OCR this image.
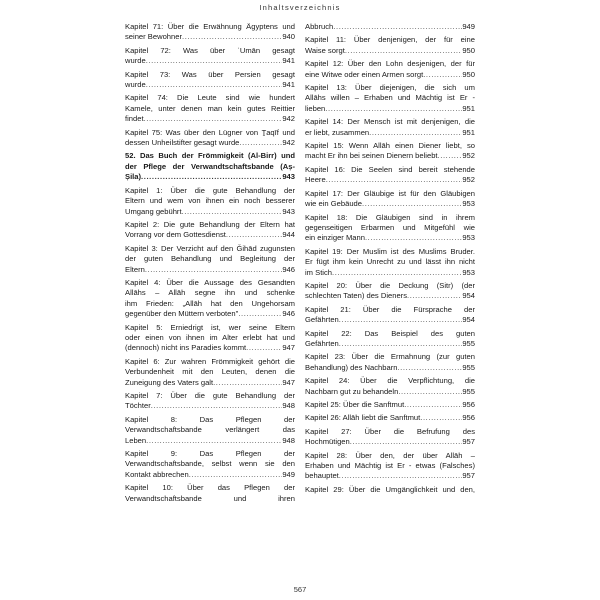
Inhaltsverzeichnis
Kapitel 71: Über die Erwähnung Ägyptens und
seiner Bewohner .....	940
Kapitel 72: Was über ʿUmān gesagt
wurde .....	941
Kapitel 73: Was über Persien gesagt
wurde .....	941
Kapitel 74: Die Leute sind wie hundert
Kamele, unter denen man kein gutes Reittier
findet .....	942
Kapitel 75: Was über den Lügner von Ṯaqīf und
dessen Unheilstifter gesagt wurde .....	942
52. Das Buch der Frömmigkeit (Al-Birr) und
der Pflege der Verwandtschaftsbande (Aṣ-
Ṣila) .....	943
Kapitel 1: Über die gute Behandlung der
Eltern und wem von ihnen ein noch besserer
Umgang gebührt .....	943
Kapitel 2: Die gute Behandlung der Eltern hat
Vorrang vor dem Gottesdienst .....	944
Kapitel 3: Der Verzicht auf den Ǧihād zugunsten
der guten Behandlung und Begleitung der
Eltern .....	946
Kapitel 4: Über die Aussage des Gesandten
Allāhs – Allāh segne ihn und schenke
ihm Frieden: „Allāh hat den Ungehorsam
gegenüber den Müttern verboten" .....	946
Kapitel 5: Erniedrigt ist, wer seine Eltern
oder einen von ihnen im Alter erlebt hat und
(dennoch) nicht ins Paradies kommt .....	947
Kapitel 6: Zur wahren Frömmigkeit gehört die
Verbundenheit mit den Leuten, denen die
Zuneigung des Vaters galt .....	947
Kapitel 7: Über die gute Behandlung der
Töchter .....	948
Kapitel 8: Das Pflegen der
Verwandtschaftsbande verlängert das
Leben .....	948
Kapitel 9: Das Pflegen der
Verwandtschaftsbande, selbst wenn sie den
Kontakt abbrechen .....	949
Kapitel 10: Über das Pflegen der
Verwandtschaftsbande und ihren
Abbruch .....	949
Kapitel 11: Über denjenigen, der für eine
Waise sorgt .....	950
Kapitel 12: Über den Lohn desjenigen, der für
eine Witwe oder einen Armen sorgt .....	950
Kapitel 13: Über diejenigen, die sich um
Allāhs willen – Erhaben und Mächtig ist Er -
lieben .....	951
Kapitel 14: Der Mensch ist mit denjenigen, die
er liebt, zusammen .....	951
Kapitel 15: Wenn Allāh einen Diener liebt, so
macht Er ihn bei seinen Dienern beliebt .....	952
Kapitel 16: Die Seelen sind bereit stehende
Heere .....	952
Kapitel 17: Der Gläubige ist für den Gläubigen
wie ein Gebäude .....	953
Kapitel 18: Die Gläubigen sind in ihrem
gegenseitigen Erbarmen und Mitgefühl wie
ein einziger Mann .....	953
Kapitel 19: Der Muslim ist des Muslims Bruder.
Er fügt ihm kein Unrecht zu und lässt ihn nicht
im Stich .....	953
Kapitel 20: Über die Deckung (Sitr) (der
schlechten Taten) des Dieners .....	954
Kapitel 21: Über die Fürsprache der
Gefährten .....	954
Kapitel 22: Das Beispiel des guten
Gefährten .....	955
Kapitel 23: Über die Ermahnung (zur guten
Behandlung) des Nachbarn .....	955
Kapitel 24: Über die Verpflichtung, die
Nachbarn gut zu behandeln .....	955
Kapitel 25: Über die Sanftmut .....	956
Kapitel 26: Allāh liebt die Sanftmut .....	956
Kapitel 27: Über die Befrufung des
Hochmütigen .....	957
Kapitel 28: Über den, der über Allāh –
Erhaben und Mächtig ist Er - etwas (Falsches)
behauptet .....	957
Kapitel 29: Über die Umgänglichkeit und den,
567
